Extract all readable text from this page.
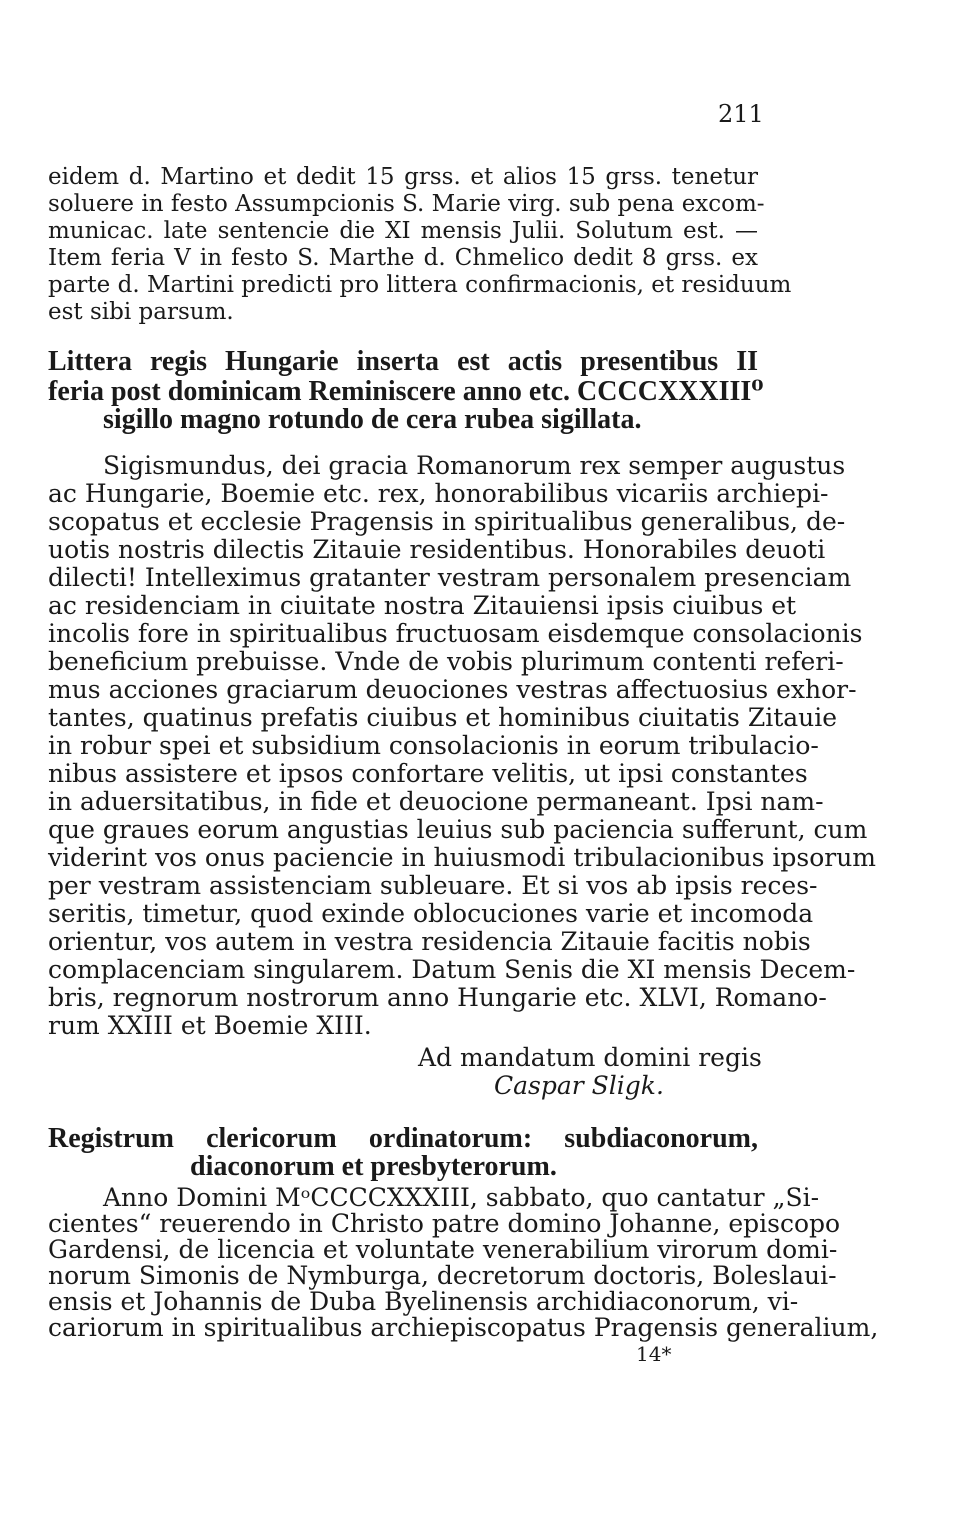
211
eidem d. Martino et dedit 15 grss. et alios 15 grss. tenetur
soluere in festo Assumpcionis S. Marie virg. sub pena excom-
municac. late sentencie die XI mensis Julii. Solutum est. —
Item feria V in festo S. Marthe d. Chmelico dedit 8 grss. ex
parte d. Martini predicti pro littera confirmacionis, et residuum
est sibi parsum.
Littera regis Hungarie inserta est actis presentibus II
feria post dominicam Reminiscere anno etc. CCCCXXXIII⁰
sigillo magno rotundo de cera rubea sigillata.
Sigismundus, dei gracia Romanorum rex semper augustus
ac Hungarie, Boemie etc. rex, honorabilibus vicariis archiepi-
scopatus et ecclesie Pragensis in spiritualibus generalibus, de-
uotis nostris dilectis Zitauie residentibus. Honorabiles deuoti
dilecti! Intelleximus gratanter vestram personalem presenciam
ac residenciam in ciuitate nostra Zitauiensi ipsis ciuibus et
incolis fore in spiritualibus fructuosam eisdemque consolacionis
beneficium prebuisse. Vnde de vobis plurimum contenti referi-
mus acciones graciarum deuociones vestras affectuosius exhor-
tantes, quatinus prefatis ciuibus et hominibus ciuitatis Zitauie
in robur spei et subsidium consolacionis in eorum tribulacio-
nibus assistere et ipsos confortare velitis, ut ipsi constantes
in aduersitatibus, in fide et deuocione permaneant. Ipsi nam-
que graues eorum angustias leuius sub paciencia sufferunt, cum
viderint vos onus paciencie in huiusmodi tribulacionibus ipsorum
per vestram assistenciam subleuare. Et si vos ab ipsis reces-
seritis, timetur, quod exinde oblocuciones varie et incomoda
orientur, vos autem in vestra residencia Zitauie facitis nobis
complacenciam singularem. Datum Senis die XI mensis Decem-
bris, regnorum nostrorum anno Hungarie etc. XLVI, Romano-
rum XXIII et Boemie XIII.
Ad mandatum domini regis
Caspar Sligk.
Registrum clericorum ordinatorum: subdiaconorum,
diaconorum et presbyterorum.
Anno Domini MᵒCCCCXXXIII, sabbato, quo cantatur „Si-
cientes“ reuerendo in Christo patre domino Johanne, episcopo
Gardensi, de licencia et voluntate venerabilium virorum domi-
norum Simonis de Nymburga, decretorum doctoris, Boleslaui-
ensis et Johannis de Duba Byelinensis archidiaconorum, vi-
cariorum in spiritualibus archiepiscopatus Pragensis generalium,
14*
